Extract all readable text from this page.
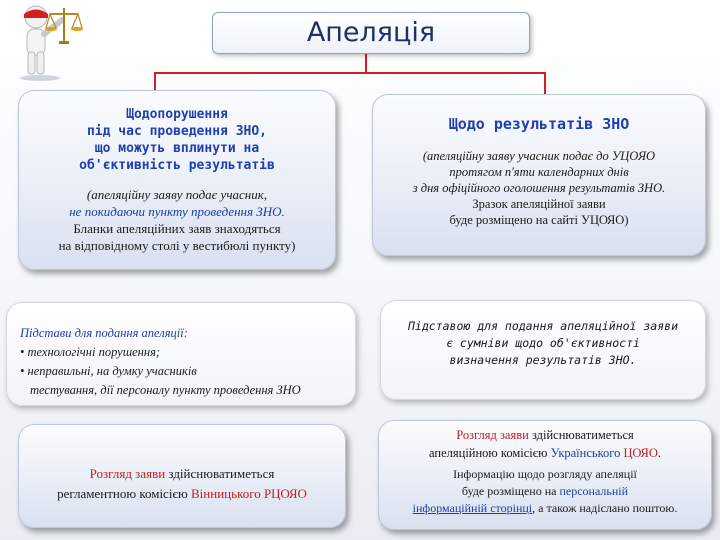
Апеляція
Щодопорушення
під час проведення ЗНО,
що можуть вплинути на
об'єктивність результатів
(апеляційну заяву подає учасник,
не покидаючи пункту проведення ЗНО.
Бланки апеляційних заяв знаходяться
на відповідному столі у вестибюлі пункту)
Щодо результатів ЗНО
(апеляційну заяву учасник подає до УЦОЯО
протягом п'яти календарних днів
з дня офіційного оголошення результатів ЗНО.
Зразок апеляційної заяви
буде розміщено на сайті УЦОЯО)
Підстави для подання апеляції:
• технологічні порушення;
• неправильні, на думку учасників
тестування, дії персоналу пункту проведення ЗНО
Підставою для подання апеляційної заяви
є сумніви щодо об'єктивності
визначення результатів ЗНО.
Розгляд заяви здійснюватиметься
регламентною комісією Вінницького РЦОЯО
Розгляд заяви здійснюватиметься
апеляційною комісією Українського ЦОЯО.
Інформацію щодо розгляду апеляції
буде розміщено на персональній
інформаційній сторінці, а також надіслано поштою.
